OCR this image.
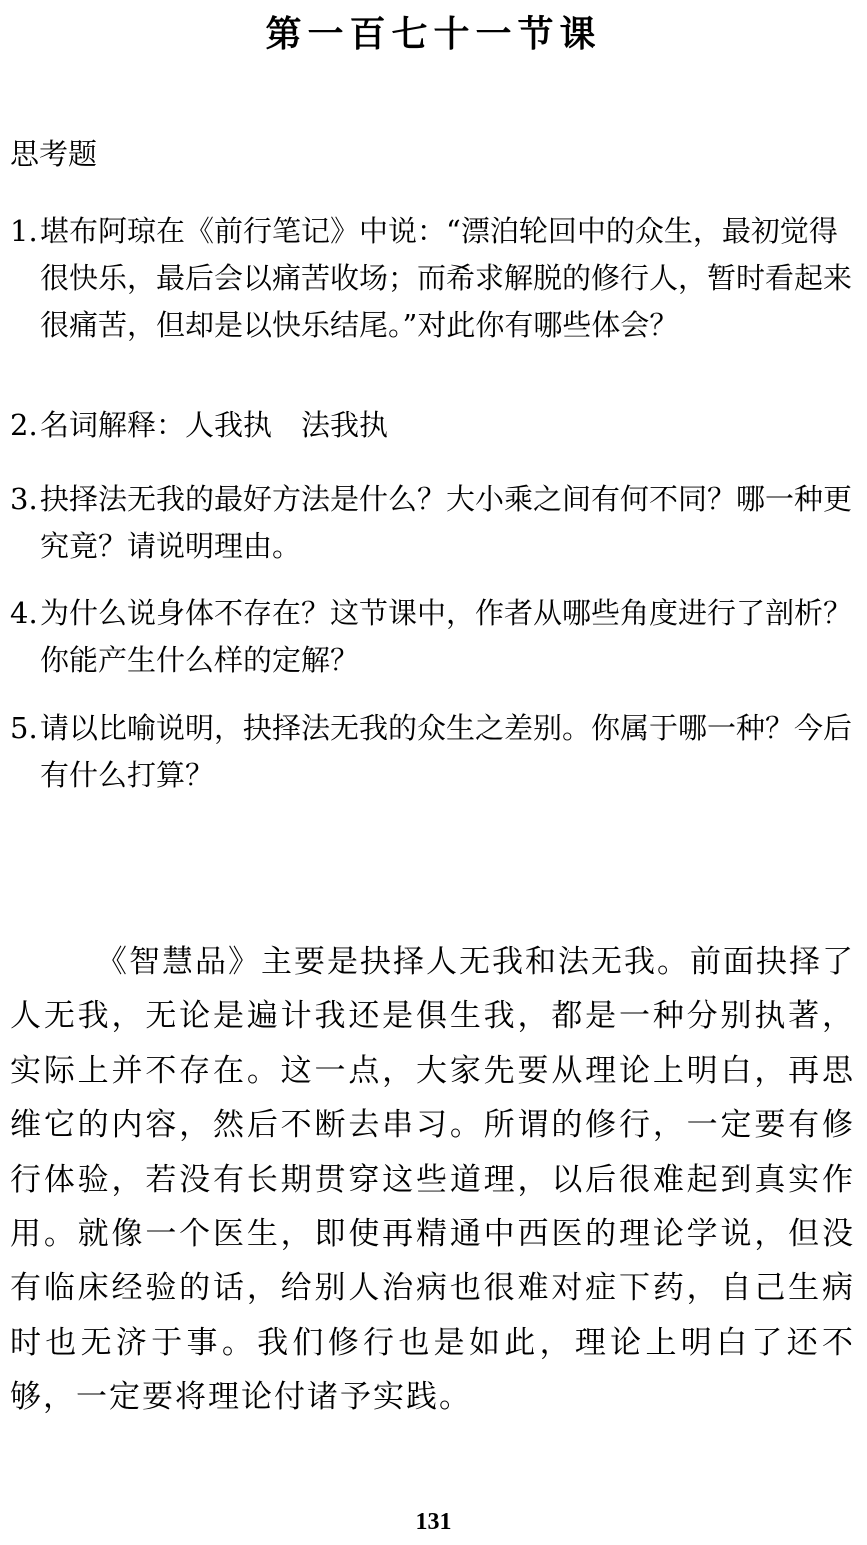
第一百七十一节课
思考题
1. 堪布阿琼在《前行笔记》中说：“漂泊轮回中的众生，最初觉得很快乐，最后会以痛苦收场；而希求解脱的修行人，暂时看起来很痛苦，但却是以快乐结尾。”对此你有哪些体会？
2. 名词解释：人我执　法我执
3. 抉择法无我的最好方法是什么？大小乘之间有何不同？哪一种更究竟？请说明理由。
4. 为什么说身体不存在？这节课中，作者从哪些角度进行了剖析？你能产生什么样的定解？
5. 请以比喻说明，抉择法无我的众生之差别。你属于哪一种？今后有什么打算？
《智慧品》主要是抉择人无我和法无我。前面抉择了人无我，无论是遍计我还是俱生我，都是一种分别执著，实际上并不存在。这一点，大家先要从理论上明白，再思维它的内容，然后不断去串习。所谓的修行，一定要有修行体验，若没有长期贯穿这些道理，以后很难起到真实作用。就像一个医生，即使再精通中西医的理论学说，但没有临床经验的话，给别人治病也很难对症下药，自己生病时也无济于事。我们修行也是如此，理论上明白了还不够，一定要将理论付诸予实践。
131
